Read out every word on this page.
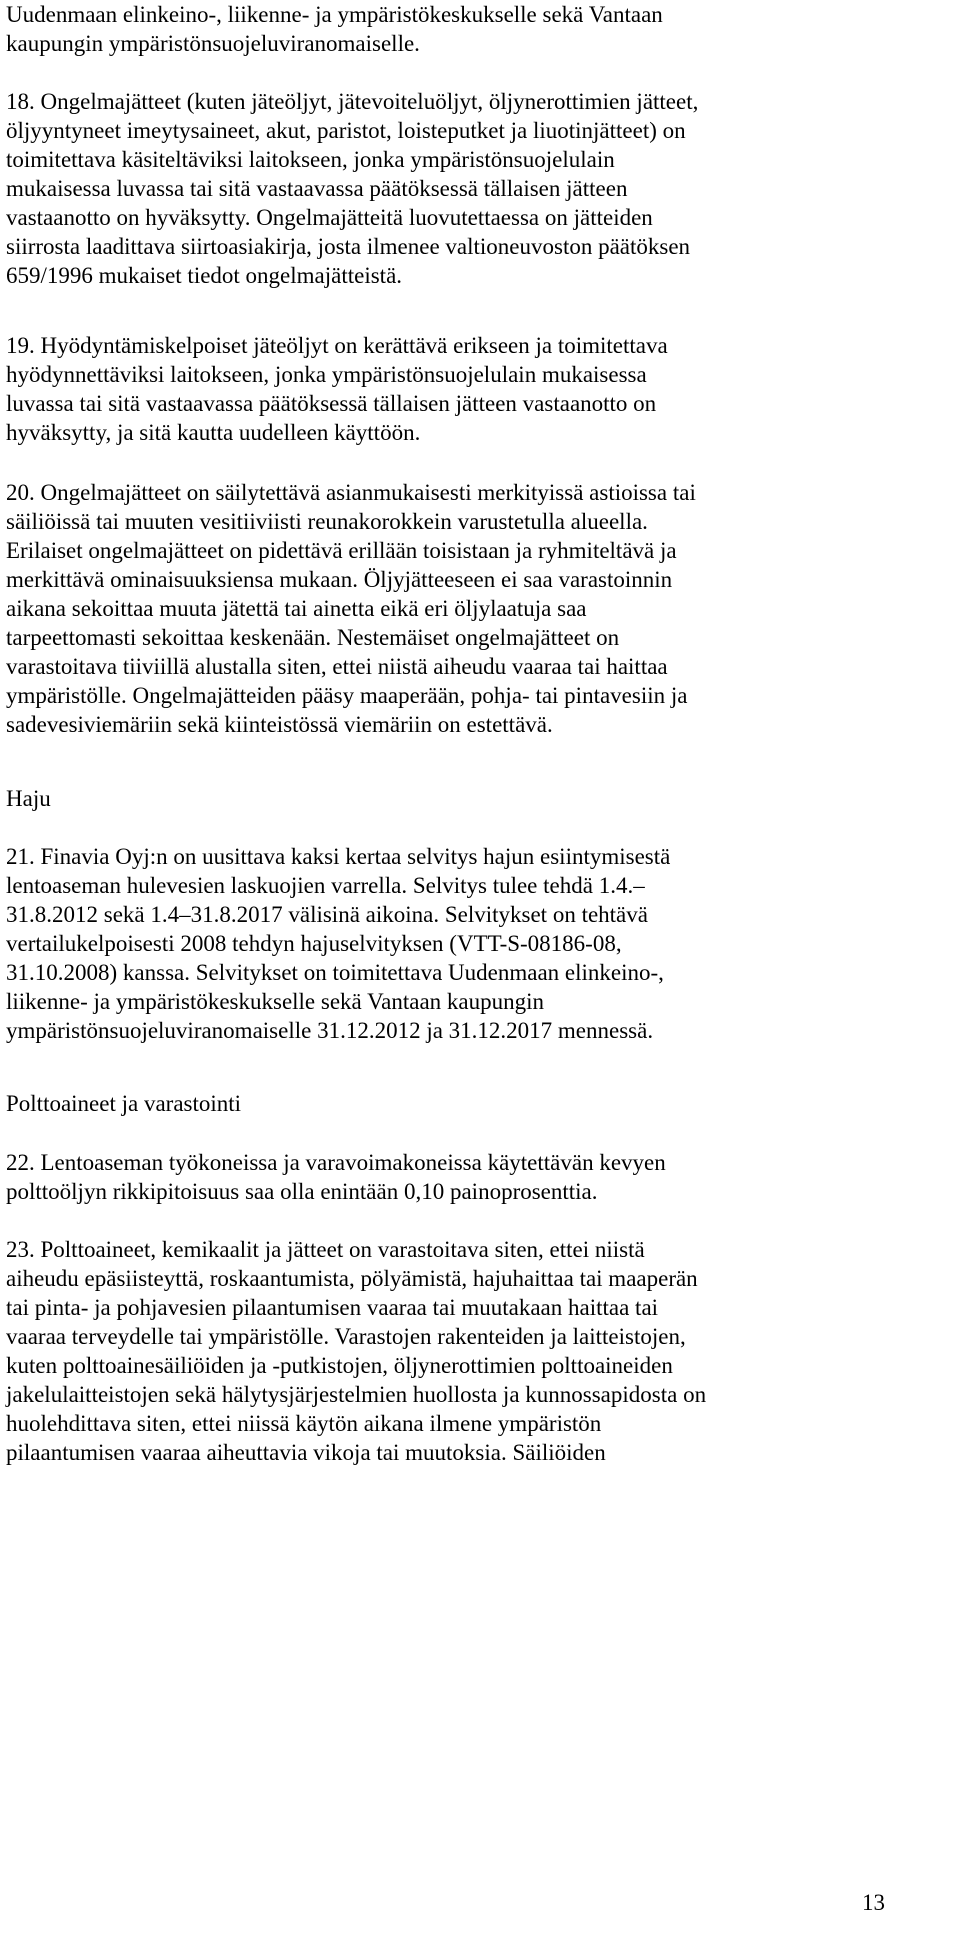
Uudenmaan elinkeino-, liikenne- ja ympäristökeskukselle sekä Vantaan
kaupungin ympäristönsuojeluviranomaiselle.
18. Ongelmajätteet (kuten jäteöljyt, jätevoiteluöljyt, öljynerottimien jätteet,
öljyyntyneet imeytysaineet, akut, paristot, loisteputket ja liuotinjätteet) on
toimitettava käsiteltäviksi laitokseen, jonka ympäristönsuojelulain
mukaisessa luvassa tai sitä vastaavassa päätöksessä tällaisen jätteen
vastaanotto on hyväksytty. Ongelmajätteitä luovutettaessa on jätteiden
siirrosta laadittava siirtoasiakirja, josta ilmenee valtioneuvoston päätöksen
659/1996 mukaiset tiedot ongelmajätteistä.
19. Hyödyntämiskelpoiset jäteöljyt on kerättävä erikseen ja toimitettava
hyödynnettäviksi laitokseen, jonka ympäristönsuojelulain mukaisessa
luvassa tai sitä vastaavassa päätöksessä tällaisen jätteen vastaanotto on
hyväksytty, ja sitä kautta uudelleen käyttöön.
20. Ongelmajätteet on säilytettävä asianmukaisesti merkityissä astioissa tai
säiliöissä tai muuten vesitiiviisti reunakorokkein varustetulla alueella.
Erilaiset ongelmajätteet on pidettävä erillään toisistaan ja ryhmiteltävä ja
merkittävä ominaisuuksiensa mukaan. Öljyjätteeseen ei saa varastoinnin
aikana sekoittaa muuta jätettä tai ainetta eikä eri öljylaatuja saa
tarpeettomasti sekoittaa keskenään. Nestemäiset ongelmajätteet on
varastoitava tiiviillä alustalla siten, ettei niistä aiheudu vaaraa tai haittaa
ympäristölle. Ongelmajätteiden pääsy maaperään, pohja- tai pintavesiin ja
sadevesiviemäriin sekä kiinteistössä viemäriin on estettävä.
Haju
21. Finavia Oyj:n on uusittava kaksi kertaa selvitys hajun esiintymisestä
lentoaseman hulevesien laskuojien varrella. Selvitys tulee tehdä 1.4.–
31.8.2012 sekä 1.4–31.8.2017 välisinä aikoina. Selvitykset on tehtävä
vertailukelpoisesti 2008 tehdyn hajuselvityksen (VTT-S-08186-08,
31.10.2008) kanssa. Selvitykset on toimitettava Uudenmaan elinkeino-,
liikenne- ja ympäristökeskukselle sekä Vantaan kaupungin
ympäristönsuojeluviranomaiselle 31.12.2012 ja 31.12.2017 mennessä.
Polttoaineet ja varastointi
22. Lentoaseman työkoneissa ja varavoimakoneissa käytettävän kevyen
polttoöljyn rikkipitoisuus saa olla enintään 0,10 painoprosenttia.
23. Polttoaineet, kemikaalit ja jätteet on varastoitava siten, ettei niistä
aiheudu epäsiisteyttä, roskaantumista, pölyämistä, hajuhaittaa tai maaperän
tai pinta- ja pohjavesien pilaantumisen vaaraa tai muutakaan haittaa tai
vaaraa terveydelle tai ympäristölle. Varastojen rakenteiden ja laitteistojen,
kuten polttoainesäiliöiden ja -putkistojen, öljynerottimien polttoaineiden
jakelulaitteistojen sekä hälytysjärjestelmien huollosta ja kunnossapidosta on
huolehdittava siten, ettei niissä käytön aikana ilmene ympäristön
pilaantumisen vaaraa aiheuttavia vikoja tai muutoksia. Säiliöiden
13
